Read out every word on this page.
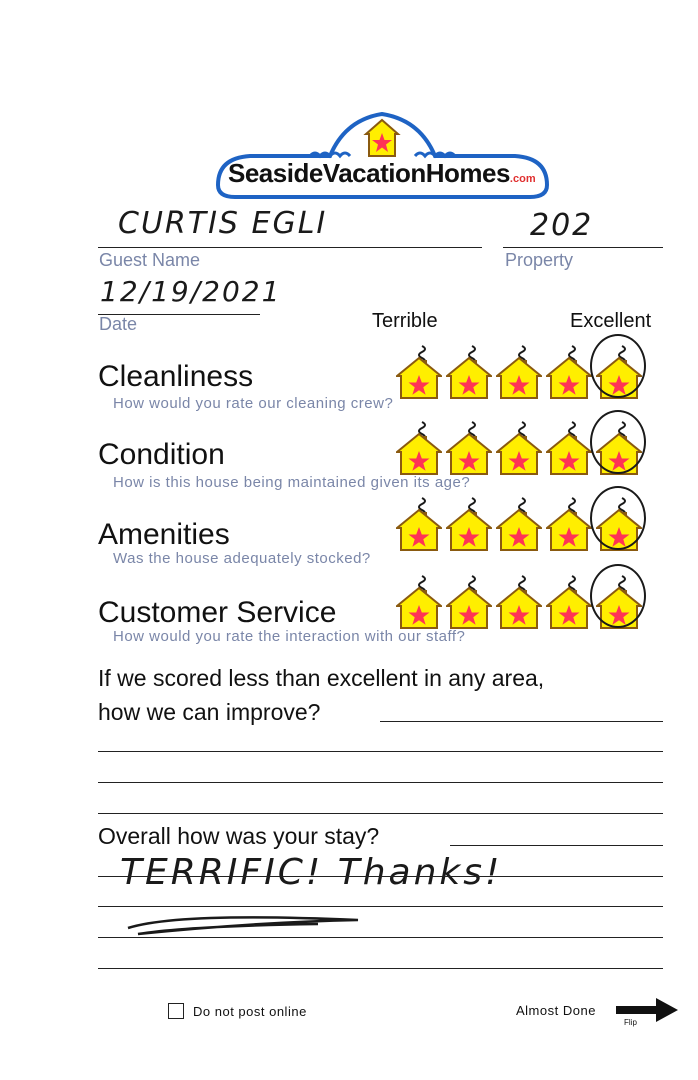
SeasideVacationHomes.com
CURTIS EGLI
Guest Name
202
Property
12/19/2021
Date	Terrible	Excellent
Cleanliness
How would you rate our cleaning crew?
Condition
How is this house being maintained given its age?
Amenities
Was the house adequately stocked?
Customer Service
How would you rate the interaction with our staff?
If we scored less than excellent in any area,
how we can improve?
Overall how was your stay?
TERRIFIC! Thanks!
Do not post online	Almost Done
Flip
